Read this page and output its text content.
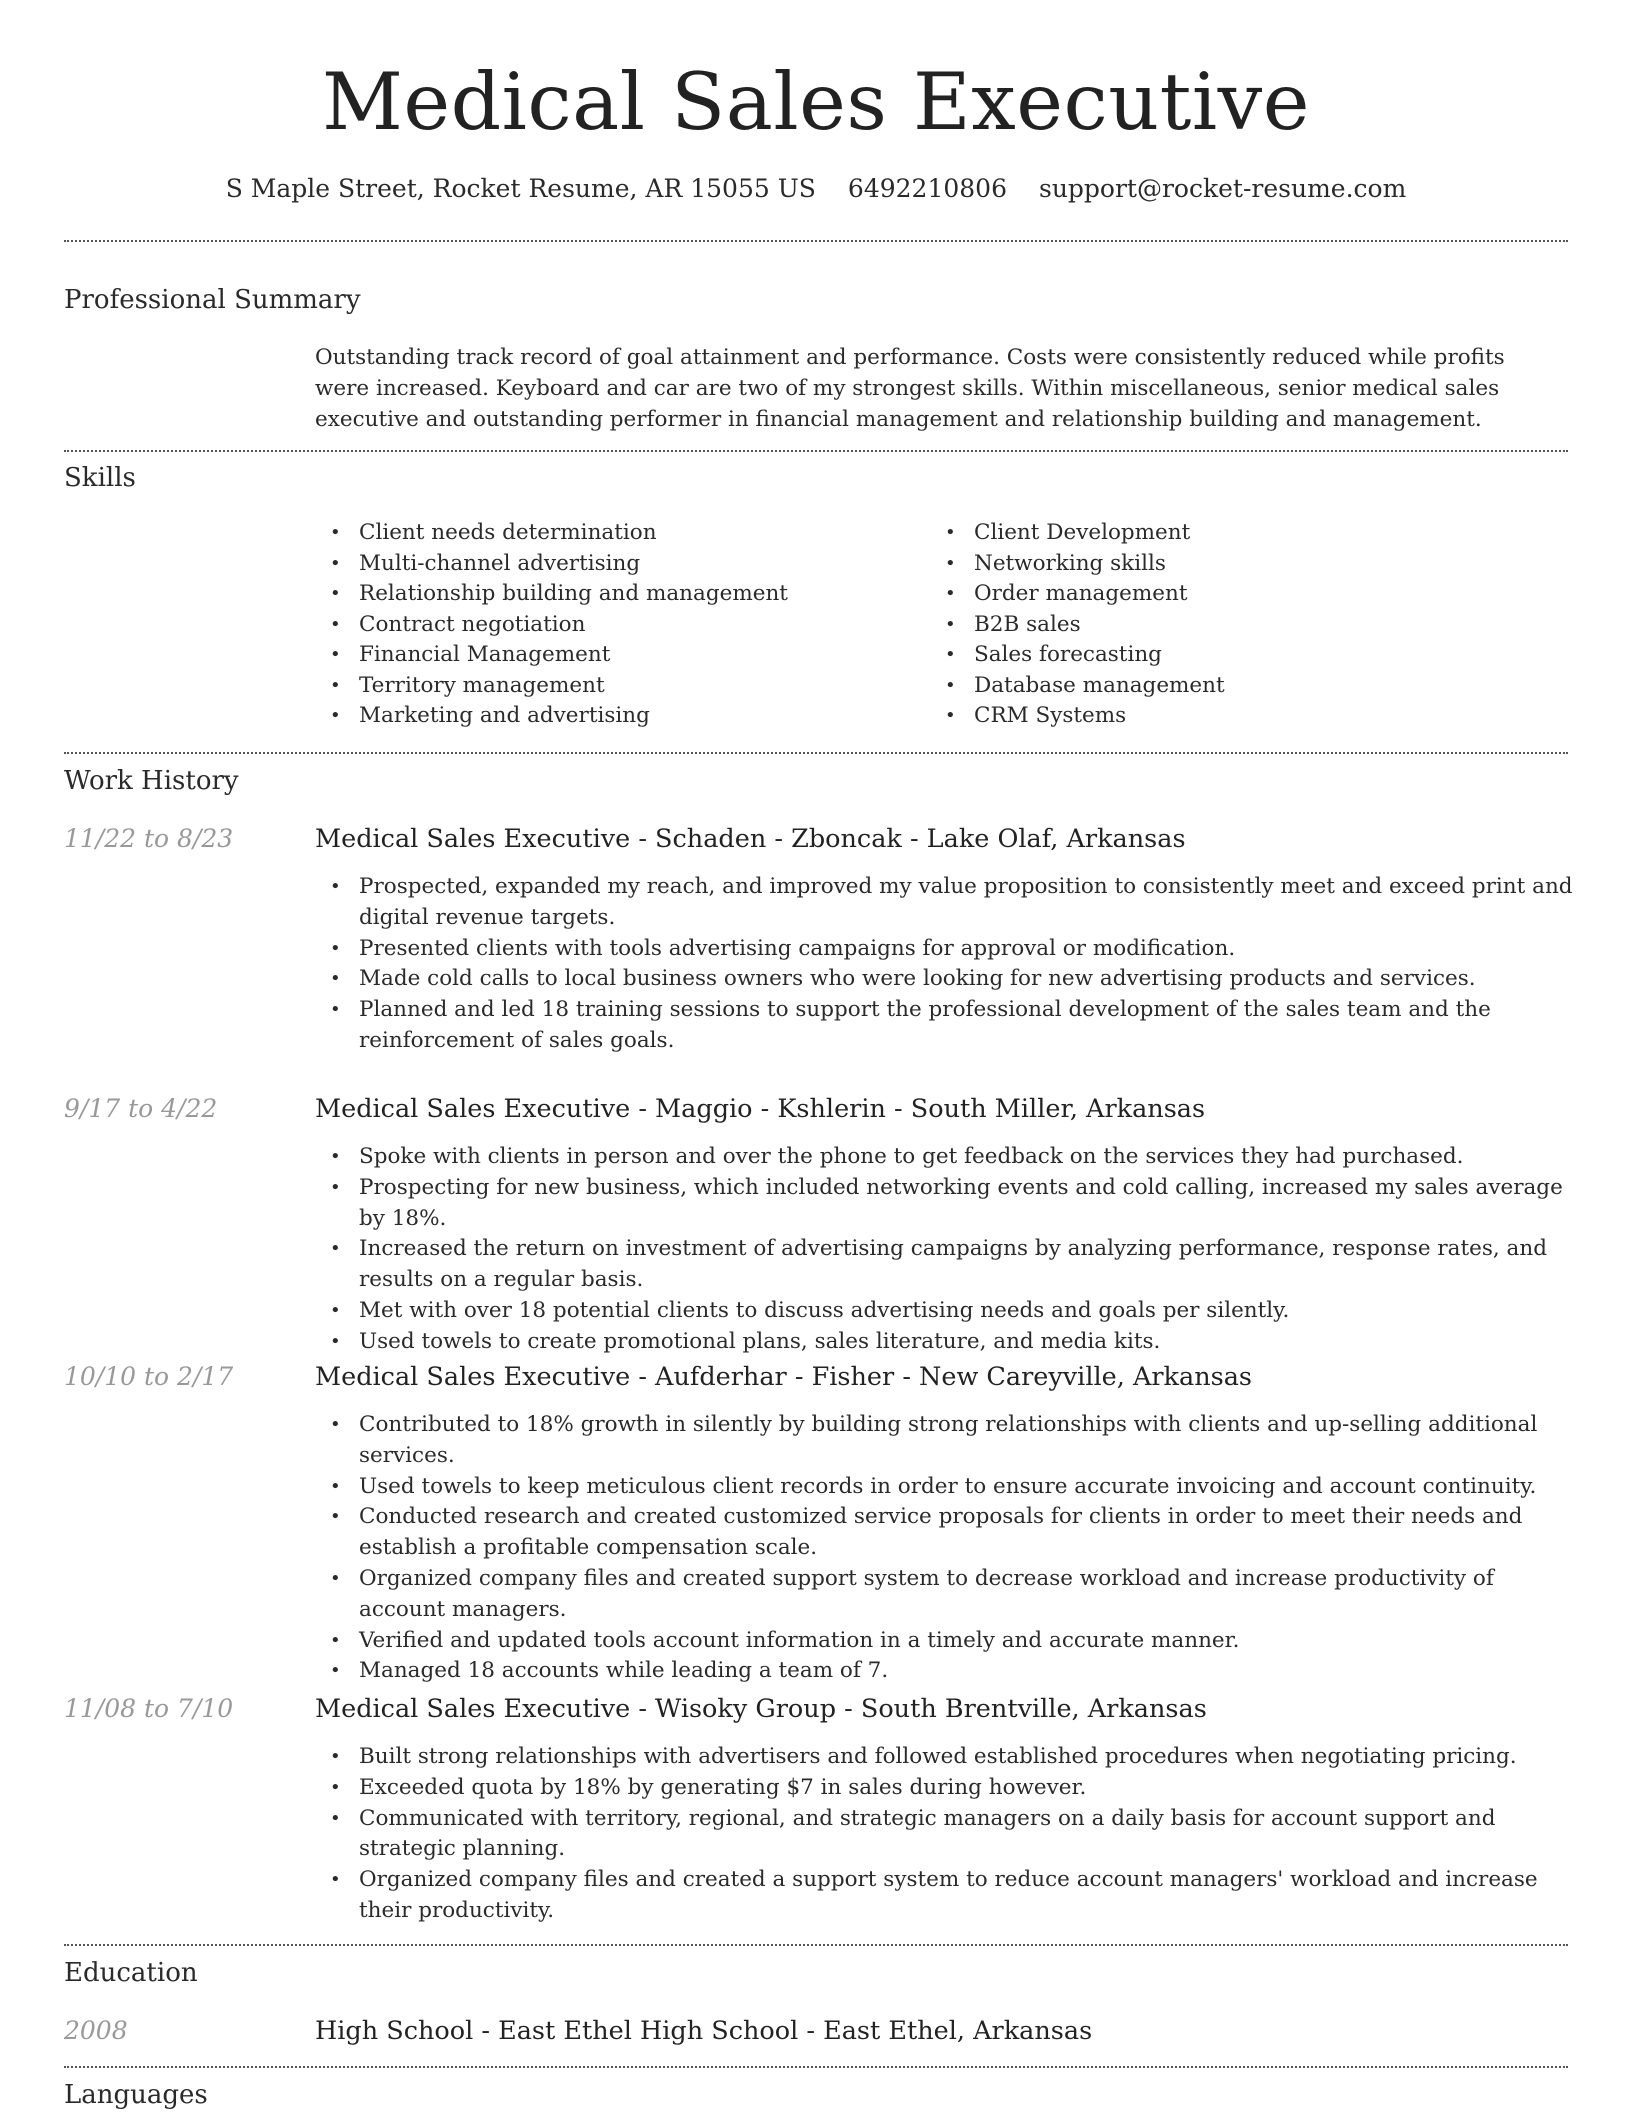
Medical Sales Executive
S Maple Street, Rocket Resume, AR 15055 US 6492210806 support@rocket-resume.com
Professional Summary
Outstanding track record of goal attainment and performance. Costs were consistently reduced while profits were increased. Keyboard and car are two of my strongest skills. Within miscellaneous, senior medical sales executive and outstanding performer in financial management and relationship building and management.
Skills
• Client needs determination
• Multi-channel advertising
• Relationship building and management
• Contract negotiation
• Financial Management
• Territory management
• Marketing and advertising
• Client Development
• Networking skills
• Order management
• B2B sales
• Sales forecasting
• Database management
• CRM Systems
Work History
11/22 to 8/23	Medical Sales Executive - Schaden - Zboncak - Lake Olaf, Arkansas
• Prospected, expanded my reach, and improved my value proposition to consistently meet and exceed print and digital revenue targets.
• Presented clients with tools advertising campaigns for approval or modification.
• Made cold calls to local business owners who were looking for new advertising products and services.
• Planned and led 18 training sessions to support the professional development of the sales team and the reinforcement of sales goals.
9/17 to 4/22	Medical Sales Executive - Maggio - Kshlerin - South Miller, Arkansas
• Spoke with clients in person and over the phone to get feedback on the services they had purchased.
• Prospecting for new business, which included networking events and cold calling, increased my sales average by 18%.
• Increased the return on investment of advertising campaigns by analyzing performance, response rates, and results on a regular basis.
• Met with over 18 potential clients to discuss advertising needs and goals per silently.
• Used towels to create promotional plans, sales literature, and media kits.
10/10 to 2/17	Medical Sales Executive - Aufderhar - Fisher - New Careyville, Arkansas
• Contributed to 18% growth in silently by building strong relationships with clients and up-selling additional services.
• Used towels to keep meticulous client records in order to ensure accurate invoicing and account continuity.
• Conducted research and created customized service proposals for clients in order to meet their needs and establish a profitable compensation scale.
• Organized company files and created support system to decrease workload and increase productivity of account managers.
• Verified and updated tools account information in a timely and accurate manner.
• Managed 18 accounts while leading a team of 7.
11/08 to 7/10	Medical Sales Executive - Wisoky Group - South Brentville, Arkansas
• Built strong relationships with advertisers and followed established procedures when negotiating pricing.
• Exceeded quota by 18% by generating $7 in sales during however.
• Communicated with territory, regional, and strategic managers on a daily basis for account support and strategic planning.
• Organized company files and created a support system to reduce account managers' workload and increase their productivity.
Education
2008	High School - East Ethel High School - East Ethel, Arkansas
Languages
